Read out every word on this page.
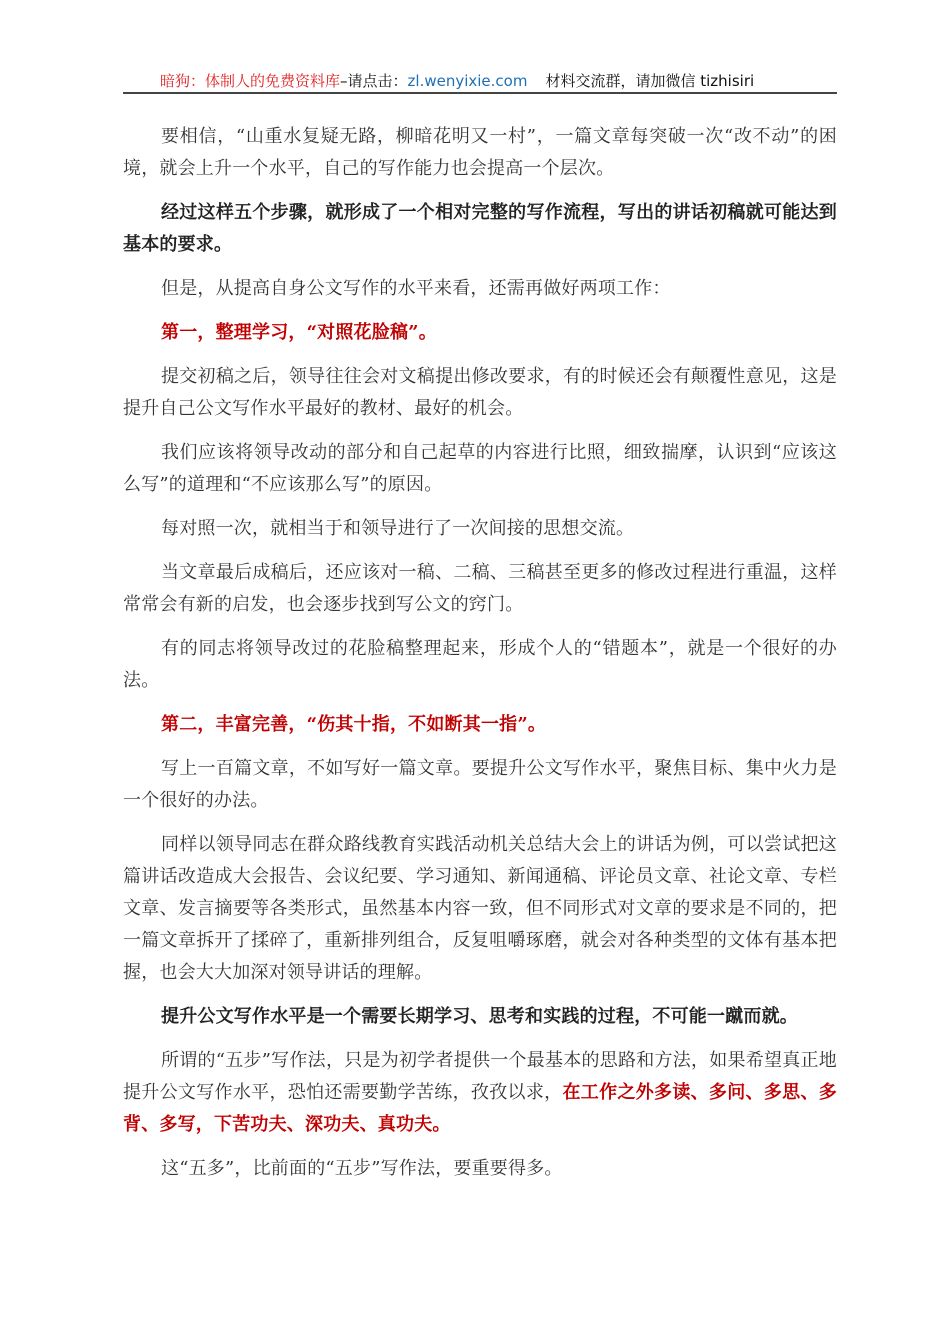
暗狗：体制人的免费资料库–请点击：zl.wenyixie.com 材料交流群，请加微信 tizhisiri

要相信，“山重水复疑无路，柳暗花明又一村”，一篇文章每突破一次“改不动”的困境，就会上升一个水平，自己的写作能力也会提高一个层次。

经过这样五个步骤，就形成了一个相对完整的写作流程，写出的讲话初稿就可能达到基本的要求。

但是，从提高自身公文写作的水平来看，还需再做好两项工作：

第一，整理学习，“对照花脸稿”。

提交初稿之后，领导往往会对文稿提出修改要求，有的时候还会有颠覆性意见，这是提升自己公文写作水平最好的教材、最好的机会。

我们应该将领导改动的部分和自己起草的内容进行比照，细致揣摩，认识到“应该这么写”的道理和“不应该那么写”的原因。

每对照一次，就相当于和领导进行了一次间接的思想交流。

当文章最后成稿后，还应该对一稿、二稿、三稿甚至更多的修改过程进行重温，这样常常会有新的启发，也会逐步找到写公文的窍门。

有的同志将领导改过的花脸稿整理起来，形成个人的“错题本”，就是一个很好的办法。

第二，丰富完善，“伤其十指，不如断其一指”。

写上一百篇文章，不如写好一篇文章。要提升公文写作水平，聚焦目标、集中火力是一个很好的办法。

同样以领导同志在群众路线教育实践活动机关总结大会上的讲话为例，可以尝试把这篇讲话改造成大会报告、会议纪要、学习通知、新闻通稿、评论员文章、社论文章、专栏文章、发言摘要等各类形式，虽然基本内容一致，但不同形式对文章的要求是不同的，把一篇文章拆开了揉碎了，重新排列组合，反复咀嚼琢磨，就会对各种类型的文体有基本把握，也会大大加深对领导讲话的理解。

提升公文写作水平是一个需要长期学习、思考和实践的过程，不可能一蹴而就。

所谓的“五步”写作法，只是为初学者提供一个最基本的思路和方法，如果希望真正地提升公文写作水平，恐怕还需要勤学苦练，孜孜以求，在工作之外多读、多问、多思、多背、多写，下苦功夫、深功夫、真功夫。

这“五多”，比前面的“五步”写作法，要重要得多。
